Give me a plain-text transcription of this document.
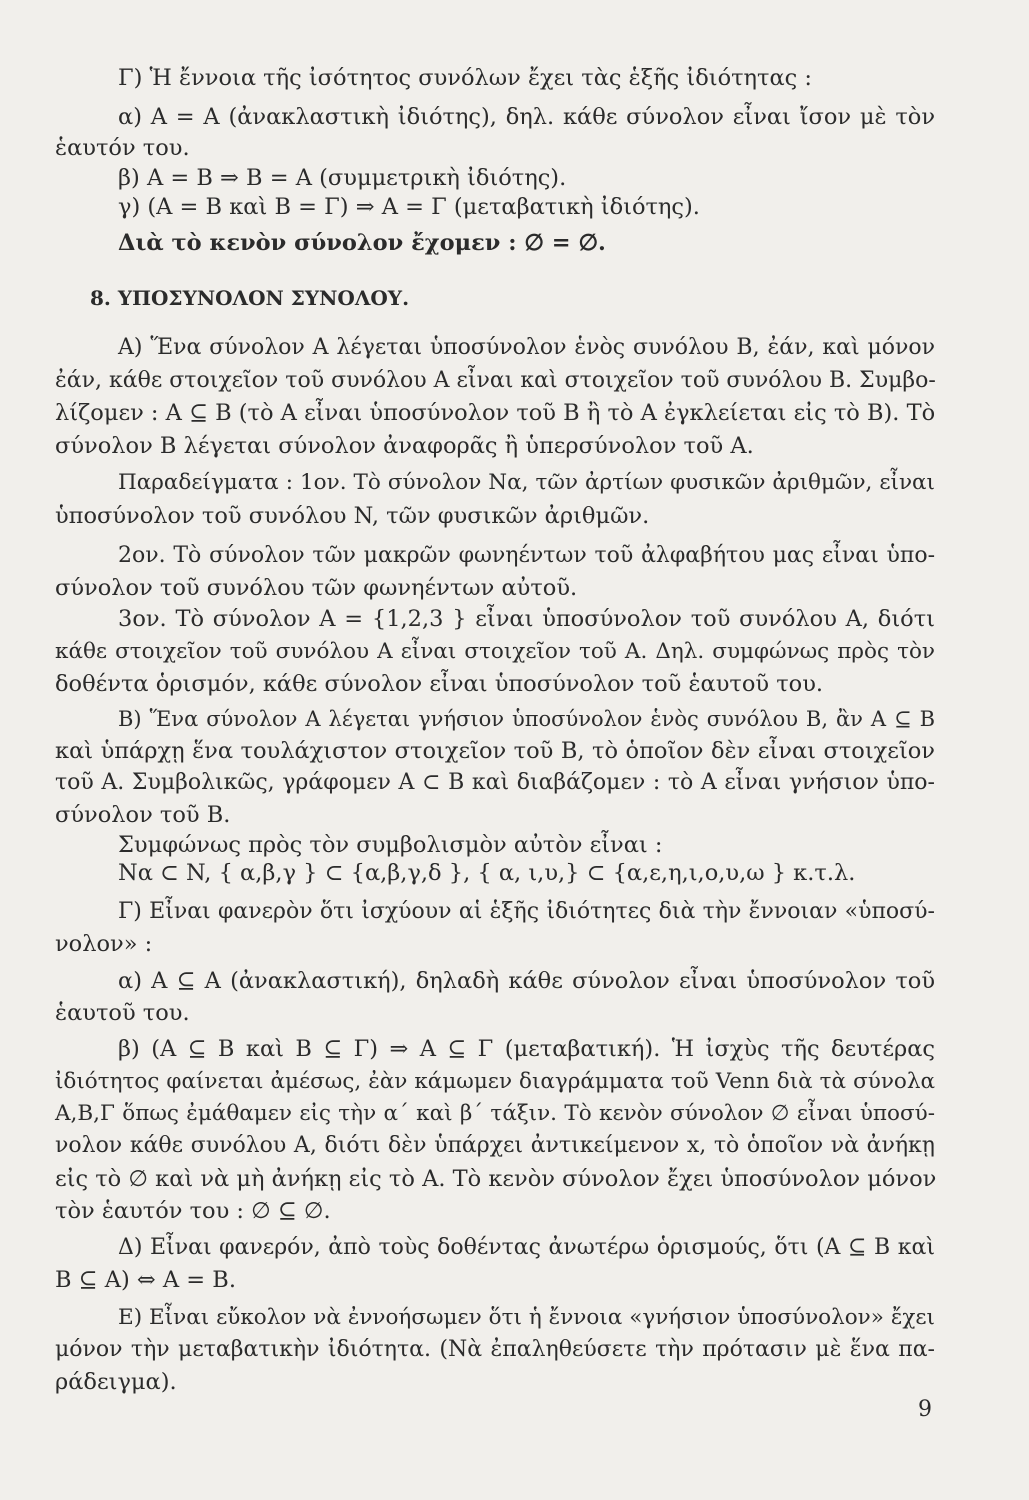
Γ) Ἡ ἔννοια τῆς ἰσότητος συνόλων ἔχει τὰς ἑξῆς ἰδιότητας :
α) A = A (ἀνακλαστικὴ ἰδιότης), δηλ. κάθε σύνολον εἶναι ἴσον μὲ τὸν
ἑαυτόν του.
β) A = B ⇒ B = A (συμμετρικὴ ἰδιότης).
γ) (A = B καὶ B = Γ) ⇒ A = Γ (μεταβατικὴ ἰδιότης).
Διὰ τὸ κενὸν σύνολον ἔχομεν : ∅ = ∅.
8. ΥΠΟΣΥΝΟΛΟΝ ΣΥΝΟΛΟΥ.
Α) Ἕνα σύνολον A λέγεται ὑποσύνολον ἑνὸς συνόλου B, ἐάν, καὶ μόνον
ἐάν, κάθε στοιχεῖον τοῦ συνόλου A εἶναι καὶ στοιχεῖον τοῦ συνόλου B. Συμβο-
λίζομεν : A ⊆ B (τὸ A εἶναι ὑποσύνολον τοῦ B ἢ τὸ A ἐγκλείεται εἰς τὸ B). Τὸ
σύνολον B λέγεται σύνολον ἀναφορᾶς ἢ ὑπερσύνολον τοῦ A.
Παραδείγματα : 1ον. Τὸ σύνολον Nα, τῶν ἀρτίων φυσικῶν ἀριθμῶν, εἶναι
ὑποσύνολον τοῦ συνόλου N, τῶν φυσικῶν ἀριθμῶν.
2ον. Τὸ σύνολον τῶν μακρῶν φωνηέντων τοῦ ἀλφαβήτου μας εἶναι ὑπο-
σύνολον τοῦ συνόλου τῶν φωνηέντων αὐτοῦ.
3ον. Τὸ σύνολον A = {1,2,3 } εἶναι ὑποσύνολον τοῦ συνόλου A, διότι
κάθε στοιχεῖον τοῦ συνόλου A εἶναι στοιχεῖον τοῦ A. Δηλ. συμφώνως πρὸς τὸν
δοθέντα ὁρισμόν, κάθε σύνολον εἶναι ὑποσύνολον τοῦ ἑαυτοῦ του.
Β) Ἕνα σύνολον A λέγεται γνήσιον ὑποσύνολον ἑνὸς συνόλου B, ἂν A ⊆ B
καὶ ὑπάρχῃ ἕνα τουλάχιστον στοιχεῖον τοῦ B, τὸ ὁποῖον δὲν εἶναι στοιχεῖον
τοῦ A. Συμβολικῶς, γράφομεν A ⊂ B καὶ διαβάζομεν : τὸ A εἶναι γνήσιον ὑπο-
σύνολον τοῦ B.
Συμφώνως πρὸς τὸν συμβολισμὸν αὐτὸν εἶναι :
Nα ⊂ N, { α,β,γ } ⊂ {α,β,γ,δ }, { α, ι,υ,} ⊂ {α,ε,η,ι,ο,υ,ω } κ.τ.λ.
Γ) Εἶναι φανερὸν ὅτι ἰσχύουν αἱ ἑξῆς ἰδιότητες διὰ τὴν ἔννοιαν «ὑποσύ-
νολον» :
α) A ⊆ A (ἀνακλαστική), δηλαδὴ κάθε σύνολον εἶναι ὑποσύνολον τοῦ
ἑαυτοῦ του.
β) (A ⊆ B καὶ B ⊆ Γ) ⇒ A ⊆ Γ (μεταβατική). Ἡ ἰσχὺς τῆς δευτέρας
ἰδιότητος φαίνεται ἀμέσως, ἐὰν κάμωμεν διαγράμματα τοῦ Venn διὰ τὰ σύνολα
A,B,Γ ὅπως ἐμάθαμεν εἰς τὴν α΄ καὶ β΄ τάξιν. Τὸ κενὸν σύνολον ∅ εἶναι ὑποσύ-
νολον κάθε συνόλου A, διότι δὲν ὑπάρχει ἀντικείμενον x, τὸ ὁποῖον νὰ ἀνήκῃ
εἰς τὸ ∅ καὶ νὰ μὴ ἀνήκῃ εἰς τὸ A. Τὸ κενὸν σύνολον ἔχει ὑποσύνολον μόνον
τὸν ἑαυτόν του : ∅ ⊆ ∅.
Δ) Εἶναι φανερόν, ἀπὸ τοὺς δοθέντας ἀνωτέρω ὁρισμούς, ὅτι (A ⊆ B καὶ
B ⊆ A) ⇔ A = B.
Ε) Εἶναι εὔκολον νὰ ἐννοήσωμεν ὅτι ἡ ἔννοια «γνήσιον ὑποσύνολον» ἔχει
μόνον τὴν μεταβατικὴν ἰδιότητα. (Νὰ ἐπαληθεύσετε τὴν πρότασιν μὲ ἕνα πα-
ράδειγμα).
9
